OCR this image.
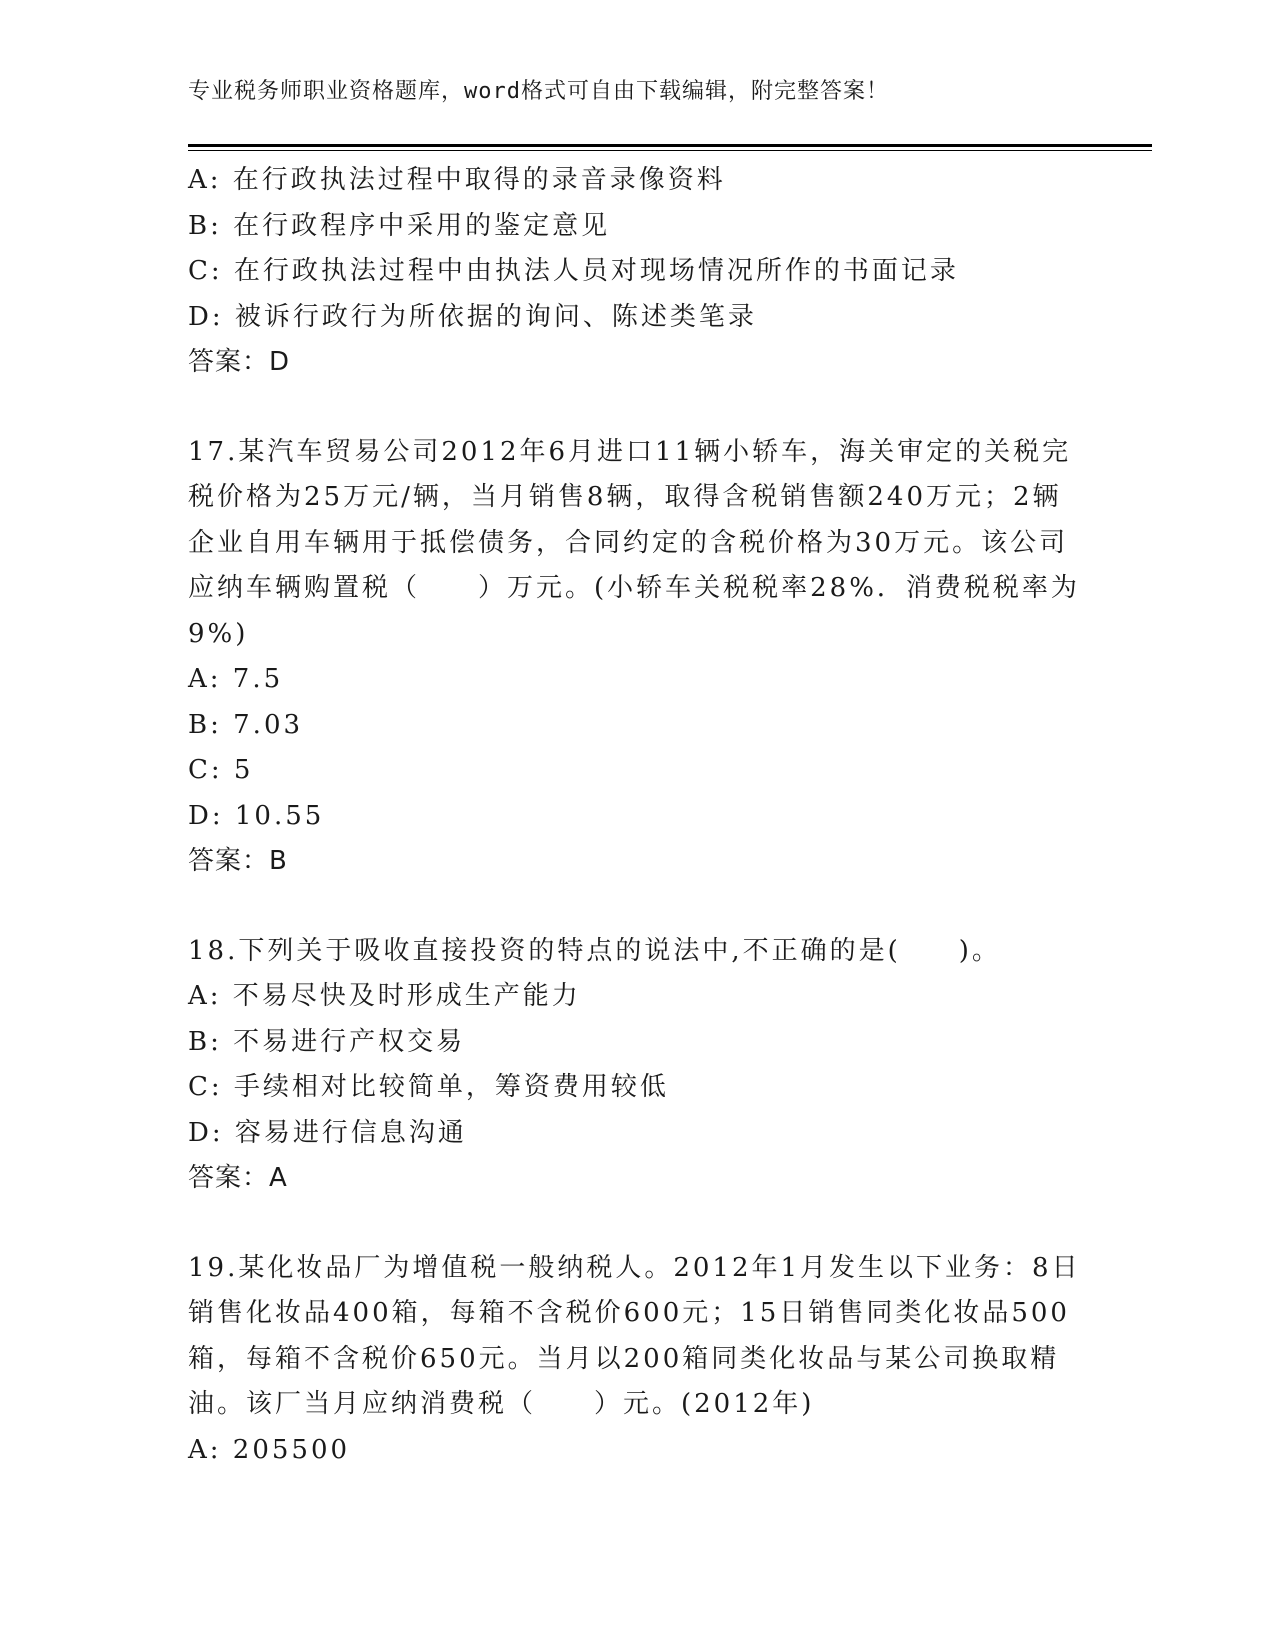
专业税务师职业资格题库，word格式可自由下载编辑，附完整答案！
A: 在行政执法过程中取得的录音录像资料
B: 在行政程序中采用的鉴定意见
C: 在行政执法过程中由执法人员对现场情况所作的书面记录
D: 被诉行政行为所依据的询问、陈述类笔录
答案：D
17.某汽车贸易公司2012年6月进口11辆小轿车，海关审定的关税完
税价格为25万元/辆，当月销售8辆，取得含税销售额240万元；2辆
企业自用车辆用于抵偿债务，合同约定的含税价格为30万元。该公司
应纳车辆购置税（　　）万元。(小轿车关税税率28%．消费税税率为
9%)
A: 7.5
B: 7.03
C: 5
D: 10.55
答案：B
18.下列关于吸收直接投资的特点的说法中,不正确的是(　　)。
A: 不易尽快及时形成生产能力
B: 不易进行产权交易
C: 手续相对比较简单，筹资费用较低
D: 容易进行信息沟通
答案：A
19.某化妆品厂为增值税一般纳税人。2012年1月发生以下业务：8日
销售化妆品400箱，每箱不含税价600元；15日销售同类化妆品500
箱，每箱不含税价650元。当月以200箱同类化妆品与某公司换取精
油。该厂当月应纳消费税（　　）元。(2012年)
A: 205500
